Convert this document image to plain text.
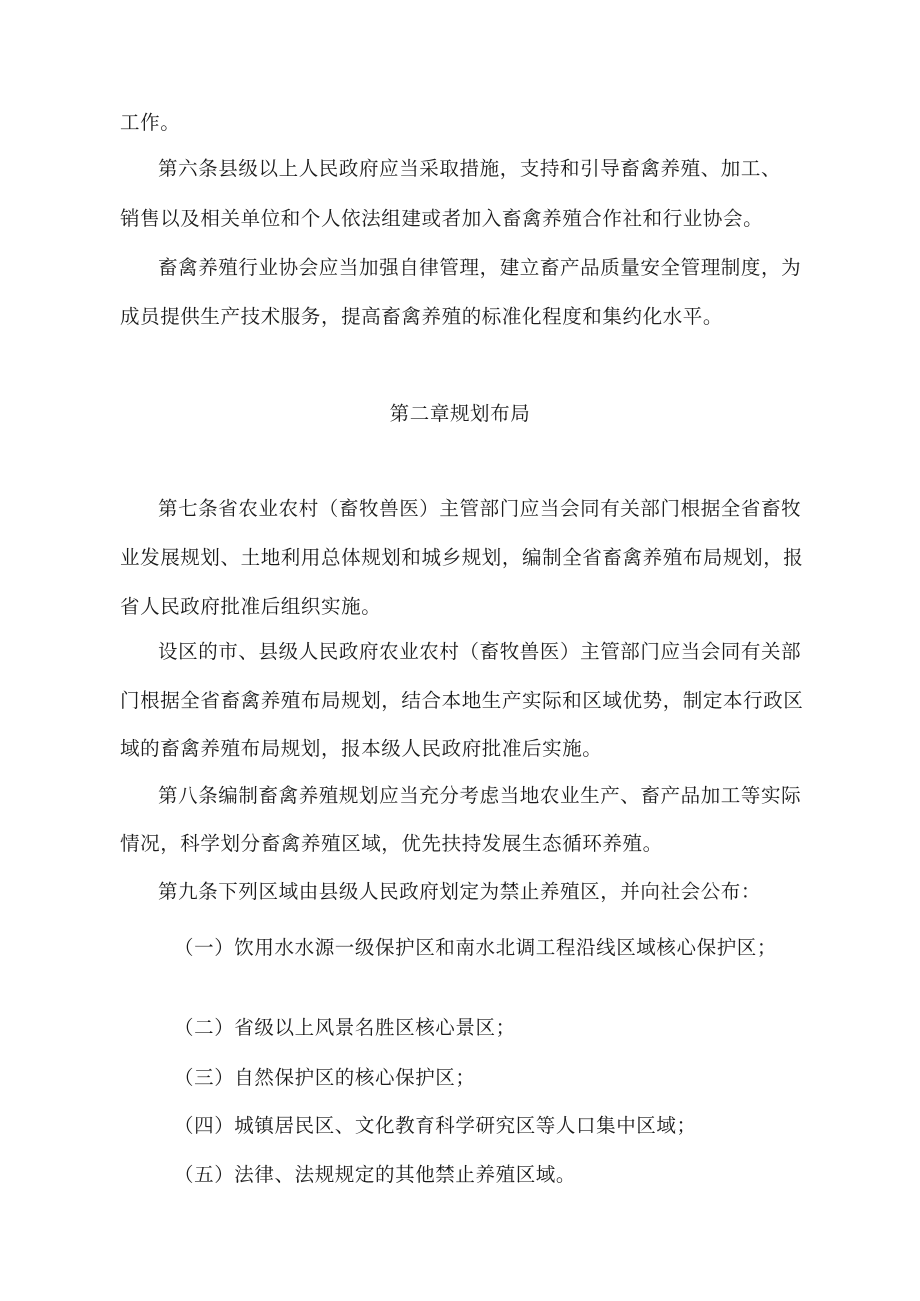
工作。
第六条县级以上人民政府应当采取措施，支持和引导畜禽养殖、加工、
销售以及相关单位和个人依法组建或者加入畜禽养殖合作社和行业协会。
畜禽养殖行业协会应当加强自律管理，建立畜产品质量安全管理制度，为
成员提供生产技术服务，提高畜禽养殖的标准化程度和集约化水平。
第二章规划布局
第七条省农业农村（畜牧兽医）主管部门应当会同有关部门根据全省畜牧
业发展规划、土地利用总体规划和城乡规划，编制全省畜禽养殖布局规划，报
省人民政府批准后组织实施。
设区的市、县级人民政府农业农村（畜牧兽医）主管部门应当会同有关部
门根据全省畜禽养殖布局规划，结合本地生产实际和区域优势，制定本行政区
域的畜禽养殖布局规划，报本级人民政府批准后实施。
第八条编制畜禽养殖规划应当充分考虑当地农业生产、畜产品加工等实际
情况，科学划分畜禽养殖区域，优先扶持发展生态循环养殖。
第九条下列区域由县级人民政府划定为禁止养殖区，并向社会公布：
（一）饮用水水源一级保护区和南水北调工程沿线区域核心保护区；
（二）省级以上风景名胜区核心景区；
（三）自然保护区的核心保护区；
（四）城镇居民区、文化教育科学研究区等人口集中区域；
（五）法律、法规规定的其他禁止养殖区域。
